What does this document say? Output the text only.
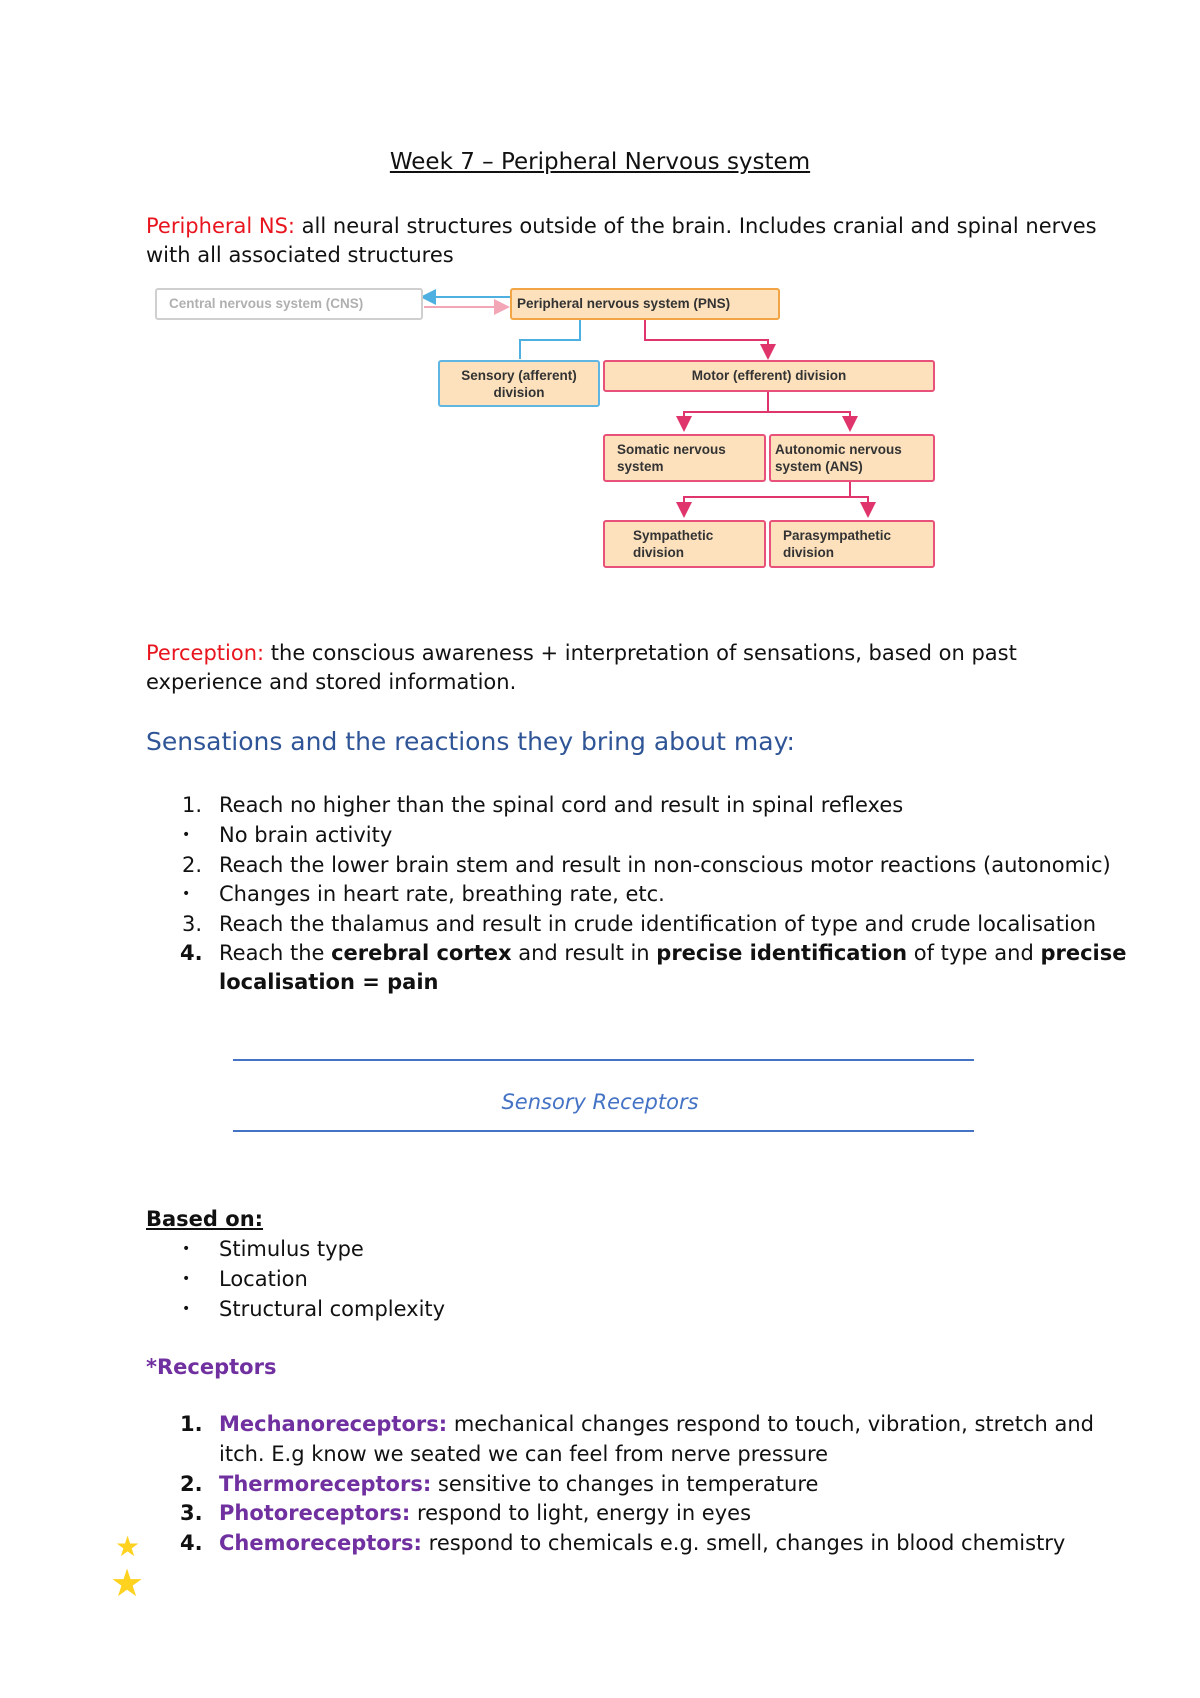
Week 7 – Peripheral Nervous system
Peripheral NS: all neural structures outside of the brain. Includes cranial and spinal nerves
with all associated structures
Central nervous system (CNS)	Peripheral nervous system (PNS)
Sensory (afferent)
division
Motor (efferent) division
Somatic nervous
system
Autonomic nervous
system (ANS)
Sympathetic
division
Parasympathetic
division
Perception: the conscious awareness + interpretation of sensations, based on past
experience and stored information.
Sensations and the reactions they bring about may:
1. Reach no higher than the spinal cord and result in spinal reflexes
• No brain activity
2. Reach the lower brain stem and result in non-conscious motor reactions (autonomic)
• Changes in heart rate, breathing rate, etc.
3. Reach the thalamus and result in crude identification of type and crude localisation
4. Reach the cerebral cortex and result in precise identification of type and precise
localisation = pain
Sensory Receptors
Based on:
• Stimulus type
• Location
• Structural complexity
*Receptors
1. Mechanoreceptors: mechanical changes respond to touch, vibration, stretch and
itch. E.g know we seated we can feel from nerve pressure
2. Thermoreceptors: sensitive to changes in temperature
3. Photoreceptors: respond to light, energy in eyes
4. Chemoreceptors: respond to chemicals e.g. smell, changes in blood chemistry
★
★
